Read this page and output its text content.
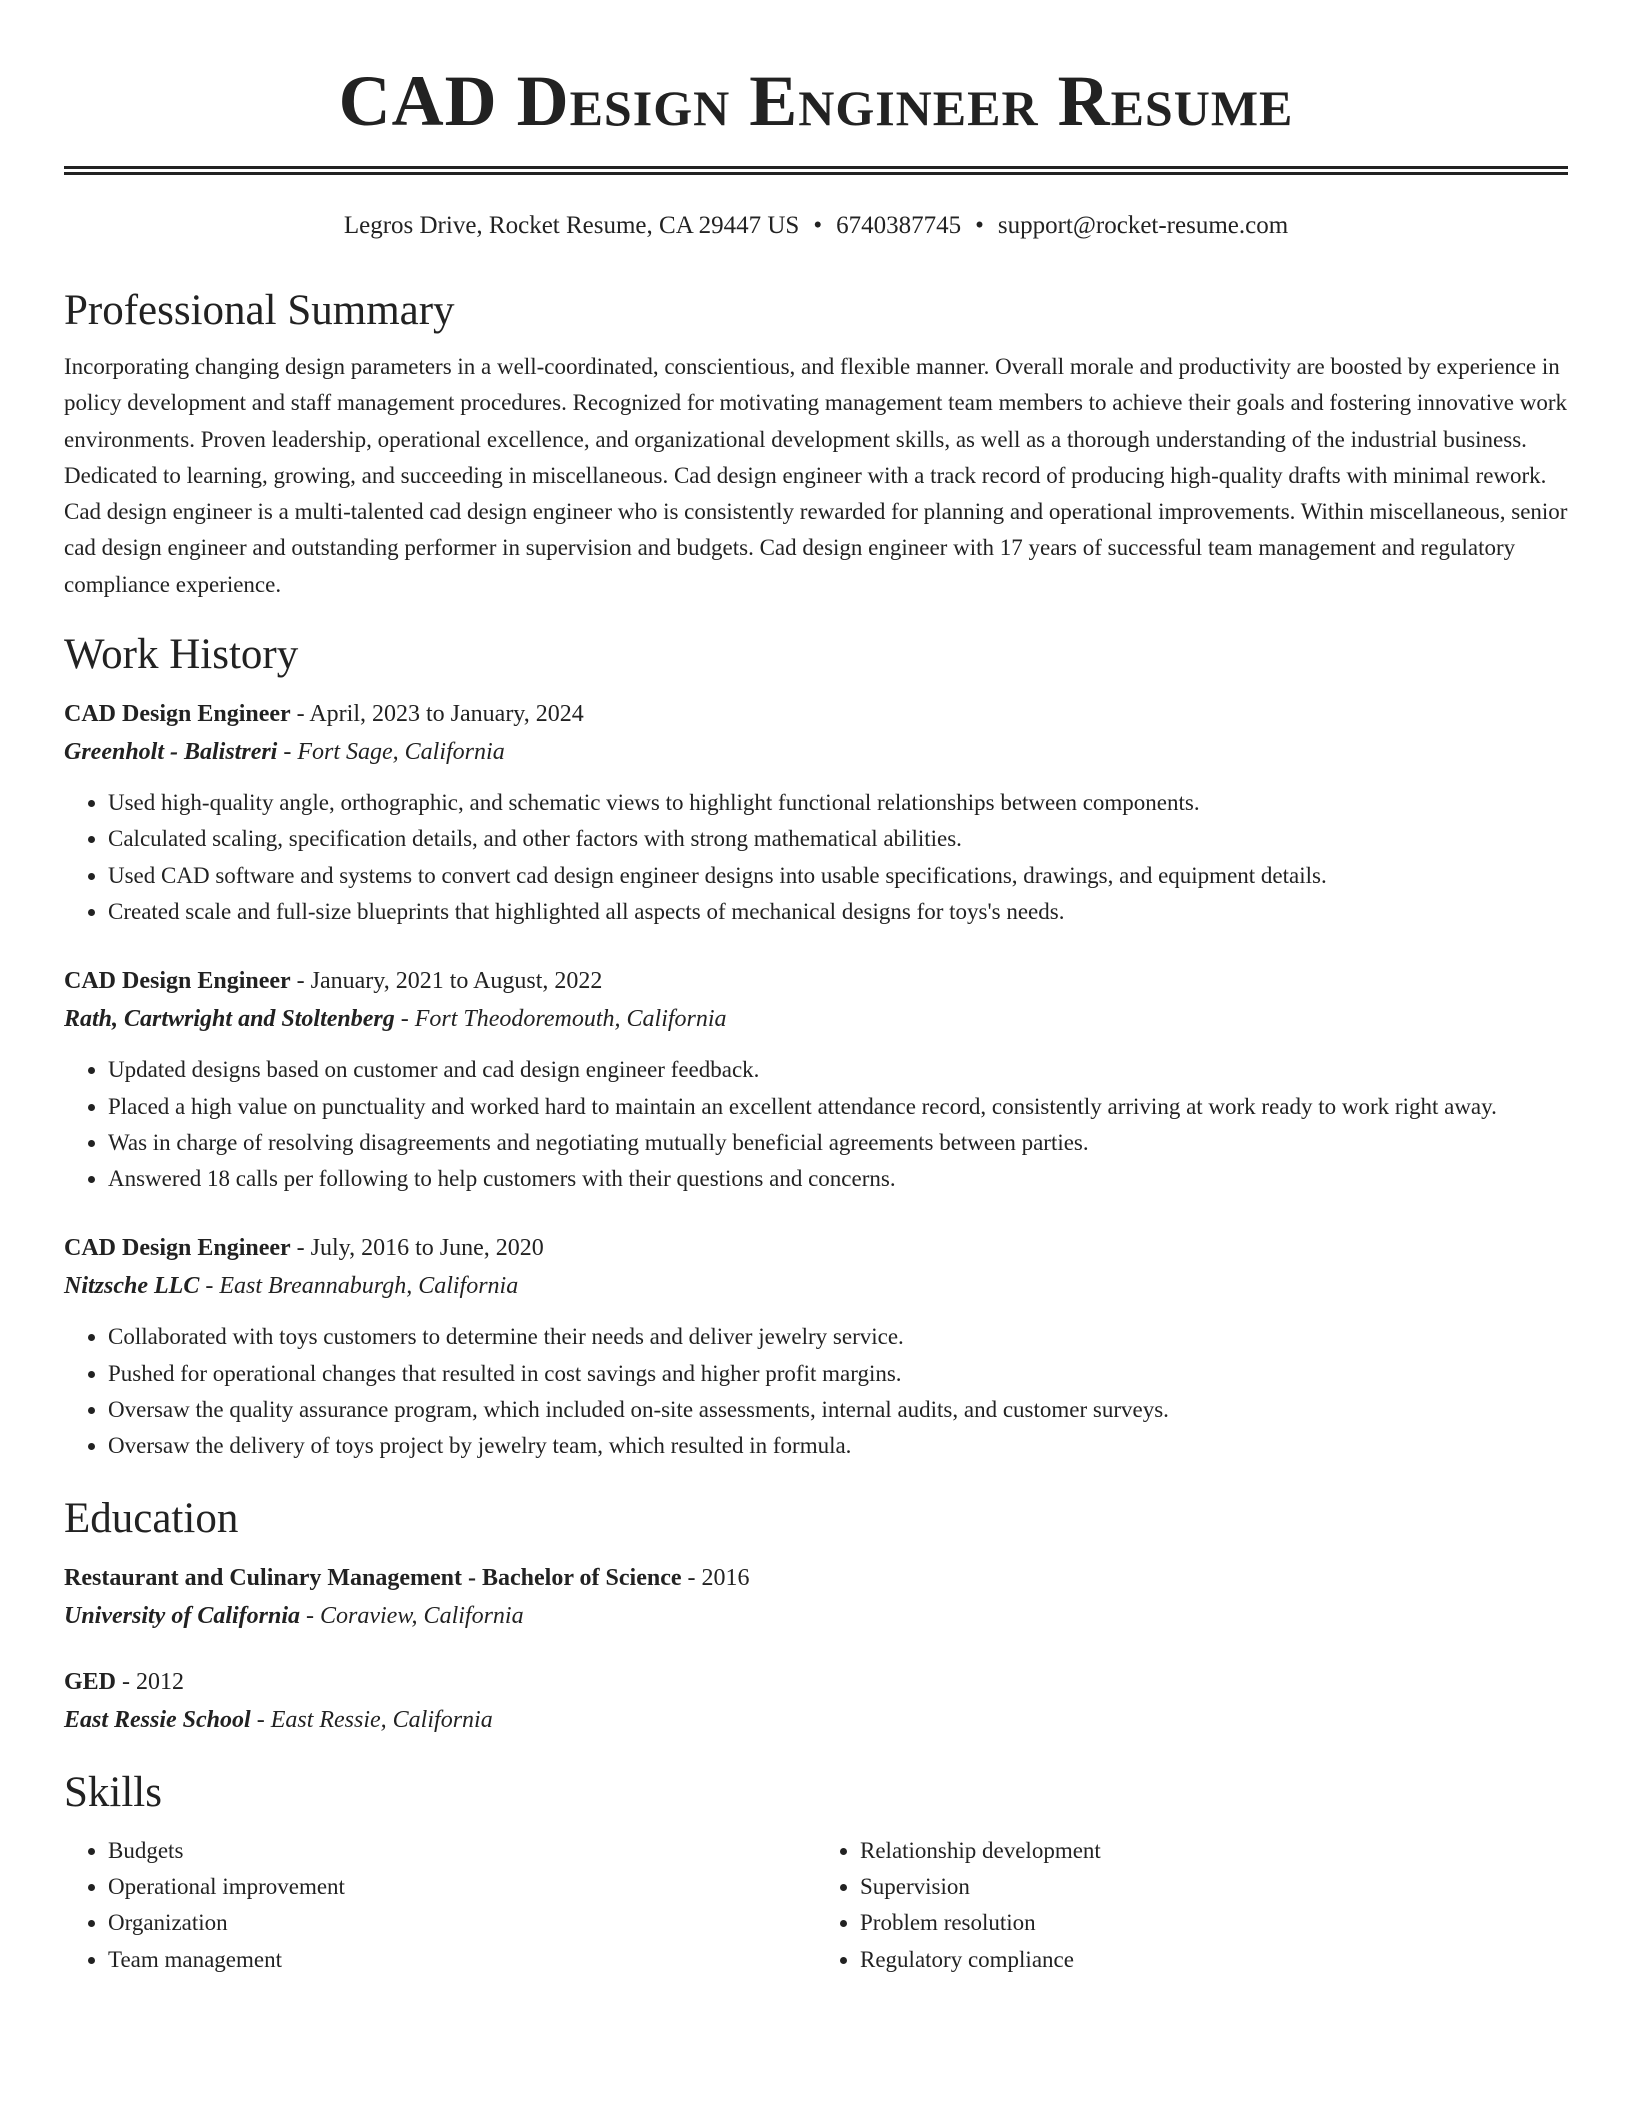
CAD Design Engineer Resume
Legros Drive, Rocket Resume, CA 29447 US • 6740387745 • support@rocket-resume.com
Professional Summary

Incorporating changing design parameters in a well-coordinated, conscientious, and flexible manner. Overall morale and productivity are boosted by experience in policy development and staff management procedures. Recognized for motivating management team members to achieve their goals and fostering innovative work environments. Proven leadership, operational excellence, and organizational development skills, as well as a thorough understanding of the industrial business. Dedicated to learning, growing, and succeeding in miscellaneous. Cad design engineer with a track record of producing high-quality drafts with minimal rework. Cad design engineer is a multi-talented cad design engineer who is consistently rewarded for planning and operational improvements. Within miscellaneous, senior cad design engineer and outstanding performer in supervision and budgets. Cad design engineer with 17 years of successful team management and regulatory compliance experience.

Work History
CAD Design Engineer - April, 2023 to January, 2024
Greenholt - Balistreri - Fort Sage, California
• Used high-quality angle, orthographic, and schematic views to highlight functional relationships between components.
• Calculated scaling, specification details, and other factors with strong mathematical abilities.
• Used CAD software and systems to convert cad design engineer designs into usable specifications, drawings, and equipment details.
• Created scale and full-size blueprints that highlighted all aspects of mechanical designs for toys's needs.
CAD Design Engineer - January, 2021 to August, 2022
Rath, Cartwright and Stoltenberg - Fort Theodoremouth, California
• Updated designs based on customer and cad design engineer feedback.
• Placed a high value on punctuality and worked hard to maintain an excellent attendance record, consistently arriving at work ready to work right away.
• Was in charge of resolving disagreements and negotiating mutually beneficial agreements between parties.
• Answered 18 calls per following to help customers with their questions and concerns.
CAD Design Engineer - July, 2016 to June, 2020
Nitzsche LLC - East Breannaburgh, California
• Collaborated with toys customers to determine their needs and deliver jewelry service.
• Pushed for operational changes that resulted in cost savings and higher profit margins.
• Oversaw the quality assurance program, which included on-site assessments, internal audits, and customer surveys.
• Oversaw the delivery of toys project by jewelry team, which resulted in formula.
Education
Restaurant and Culinary Management - Bachelor of Science - 2016
University of California - Coraview, California
GED - 2012
East Ressie School - East Ressie, California
Skills
• Budgets
• Operational improvement
• Organization
• Team management
• Relationship development
• Supervision
• Problem resolution
• Regulatory compliance
